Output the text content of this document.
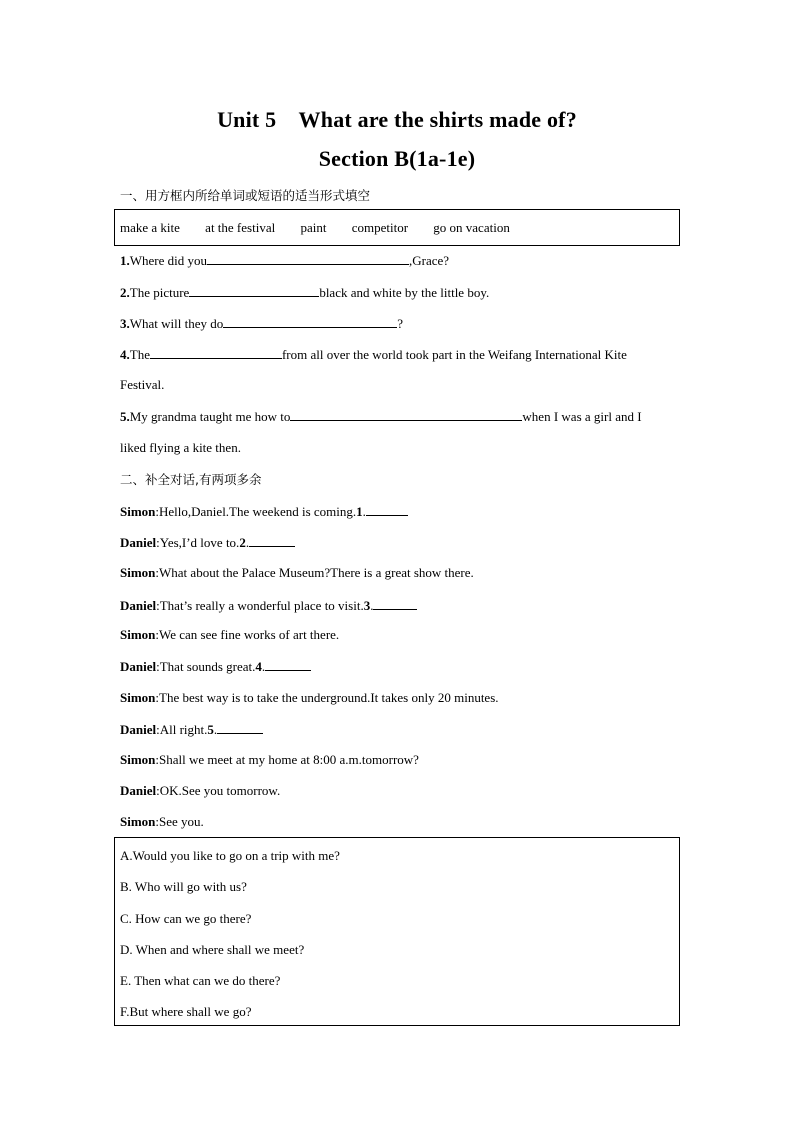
Unit 5　What are the shirts made of?
Section B(1a-1e)
一、用方框内所给单词或短语的适当形式填空
make a kite at the festival paint competitor go on vacation
1.Where did you	,Grace?
2.The picture	black and white by the little boy.
3.What will they do	?
4.The	from all over the world took part in the Weifang International Kite
Festival.
5.My grandma taught me how to	when I was a girl and I
liked flying a kite then.
二、补全对话,有两项多余
Simon:Hello,Daniel.The weekend is coming.1.
Daniel:Yes,I’d love to.2.
Simon:What about the Palace Museum?There is a great show there.
Daniel:That’s really a wonderful place to visit.3.
Simon:We can see fine works of art there.
Daniel:That sounds great.4.
Simon:The best way is to take the underground.It takes only 20 minutes.
Daniel:All right.5.
Simon:Shall we meet at my home at 8:00 a.m.tomorrow?
Daniel:OK.See you tomorrow.
Simon:See you.
A.Would you like to go on a trip with me?
B. Who will go with us?
C. How can we go there?
D. When and where shall we meet?
E. Then what can we do there?
F.But where shall we go?
